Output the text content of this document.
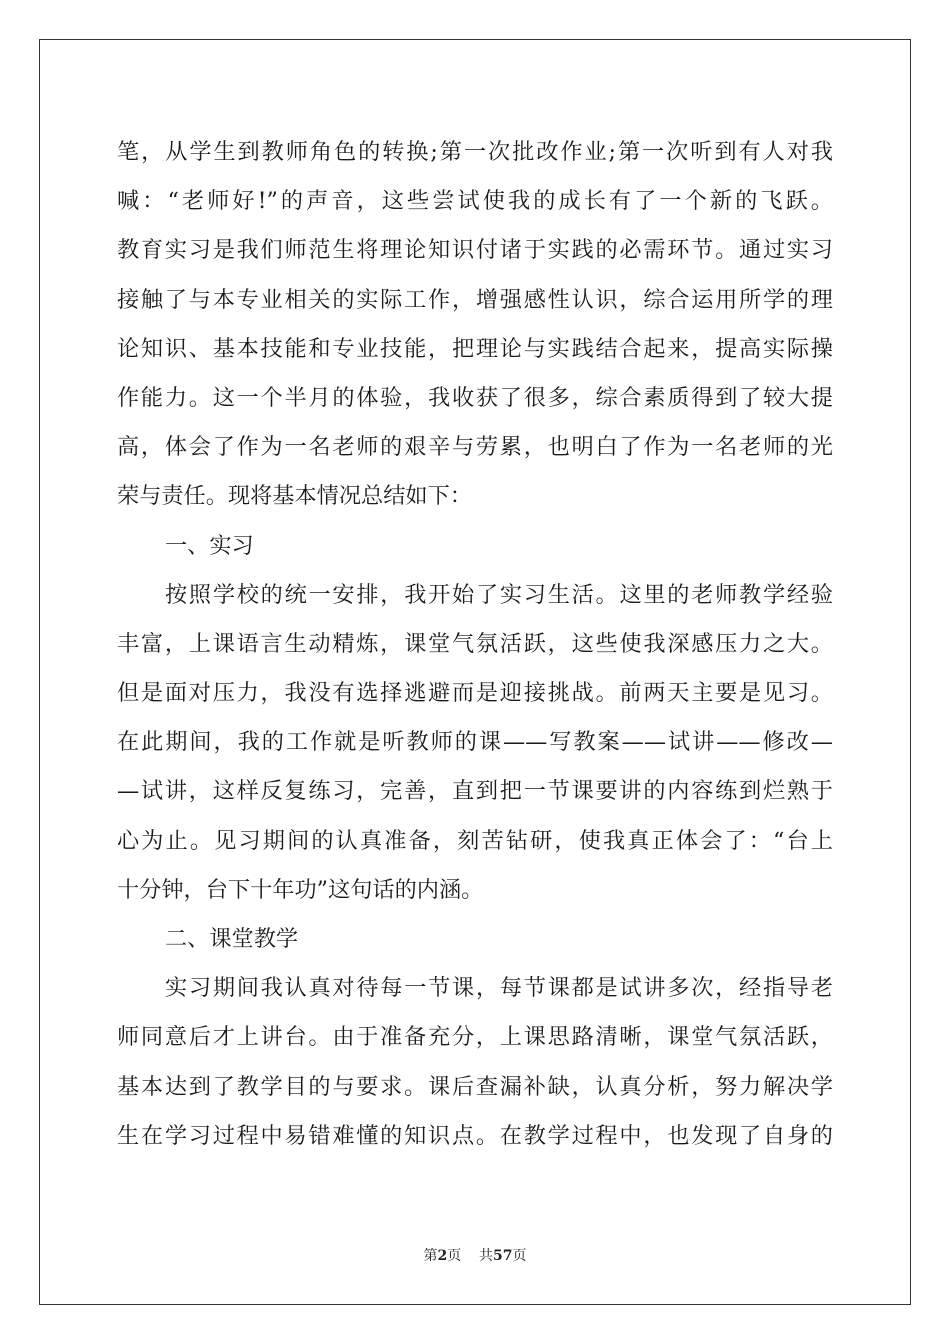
笔，从学生到教师角色的转换;第一次批改作业;第一次听到有人对我
喊：“老师好!”的声音，这些尝试使我的成长有了一个新的飞跃。
教育实习是我们师范生将理论知识付诸于实践的必需环节。通过实习
接触了与本专业相关的实际工作，增强感性认识，综合运用所学的理
论知识、基本技能和专业技能，把理论与实践结合起来，提高实际操
作能力。这一个半月的体验，我收获了很多，综合素质得到了较大提
高，体会了作为一名老师的艰辛与劳累，也明白了作为一名老师的光
荣与责任。现将基本情况总结如下：
一、实习
按照学校的统一安排，我开始了实习生活。这里的老师教学经验
丰富，上课语言生动精炼，课堂气氛活跃，这些使我深感压力之大。
但是面对压力，我没有选择逃避而是迎接挑战。前两天主要是见习。
在此期间，我的工作就是听教师的课——写教案——试讲——修改—
—试讲，这样反复练习，完善，直到把一节课要讲的内容练到烂熟于
心为止。见习期间的认真准备，刻苦钻研，使我真正体会了：“台上
十分钟，台下十年功”这句话的内涵。
二、课堂教学
实习期间我认真对待每一节课，每节课都是试讲多次，经指导老
师同意后才上讲台。由于准备充分，上课思路清晰，课堂气氛活跃，
基本达到了教学目的与要求。课后查漏补缺，认真分析，努力解决学
生在学习过程中易错难懂的知识点。在教学过程中，也发现了自身的
第2页 共57页
